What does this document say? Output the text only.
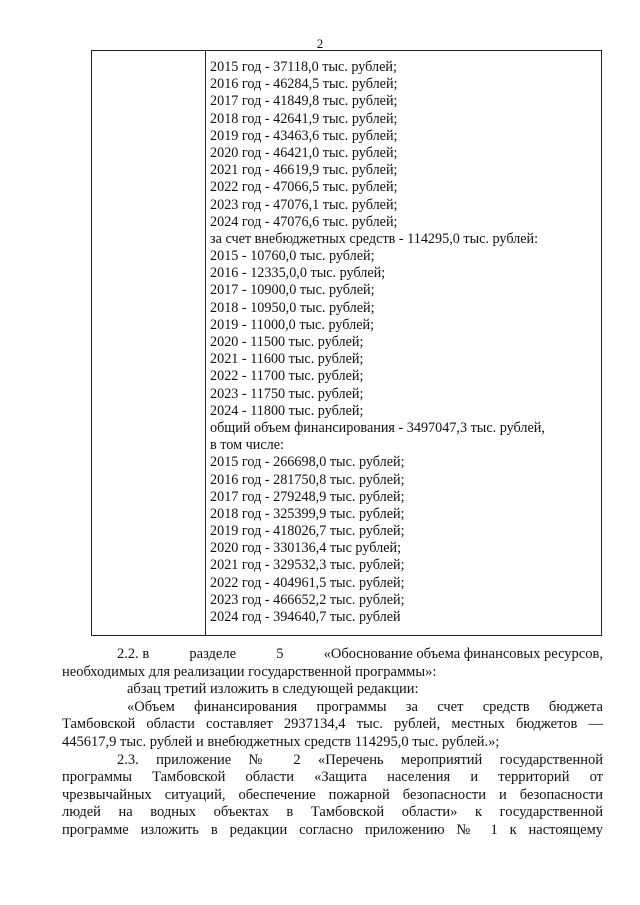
2
2015 год - 37118,0 тыс. рублей;
2016 год - 46284,5 тыс. рублей;
2017 год - 41849,8 тыс. рублей;
2018 год - 42641,9 тыс. рублей;
2019 год - 43463,6 тыс. рублей;
2020 год - 46421,0 тыс. рублей;
2021 год - 46619,9 тыс. рублей;
2022 год - 47066,5 тыс. рублей;
2023 год - 47076,1 тыс. рублей;
2024 год - 47076,6 тыс. рублей;
за счет внебюджетных средств - 114295,0 тыс. рублей:
2015 - 10760,0 тыс. рублей;
2016 - 12335,0,0 тыс. рублей;
2017 - 10900,0 тыс. рублей;
2018 - 10950,0 тыс. рублей;
2019 - 11000,0 тыс. рублей;
2020 - 11500 тыс. рублей;
2021 - 11600 тыс. рублей;
2022 - 11700 тыс. рублей;
2023 - 11750 тыс. рублей;
2024 - 11800 тыс. рублей;
общий объем финансирования - 3497047,3 тыс. рублей,
в том числе:
2015 год - 266698,0 тыс. рублей;
2016 год - 281750,8 тыс. рублей;
2017 год - 279248,9 тыс. рублей;
2018 год - 325399,9 тыс. рублей;
2019 год - 418026,7 тыс. рублей;
2020 год - 330136,4 тыс рублей;
2021 год - 329532,3 тыс. рублей;
2022 год - 404961,5 тыс. рублей;
2023 год - 466652,2 тыс. рублей;
2024 год - 394640,7 тыс. рублей
2.2. в	разделе	5	«Обоснование объема финансовых ресурсов,

необходимых для реализации государственной программы»:

абзац третий изложить в следующей редакции:

«Объем финансирования программы за счет средств бюджета

Тамбовской области составляет 2937134,4 тыс. рублей, местных бюджетов —

445617,9 тыс. рублей и внебюджетных средств 114295,0 тыс. рублей.»;

2.3. приложение № 2 «Перечень мероприятий государственной

программы Тамбовской области «Защита населения и территорий от

чрезвычайных ситуаций, обеспечение пожарной безопасности и безопасности

людей на водных объектах в Тамбовской области» к государственной

программе изложить в редакции согласно приложению № 1 к настоящему
